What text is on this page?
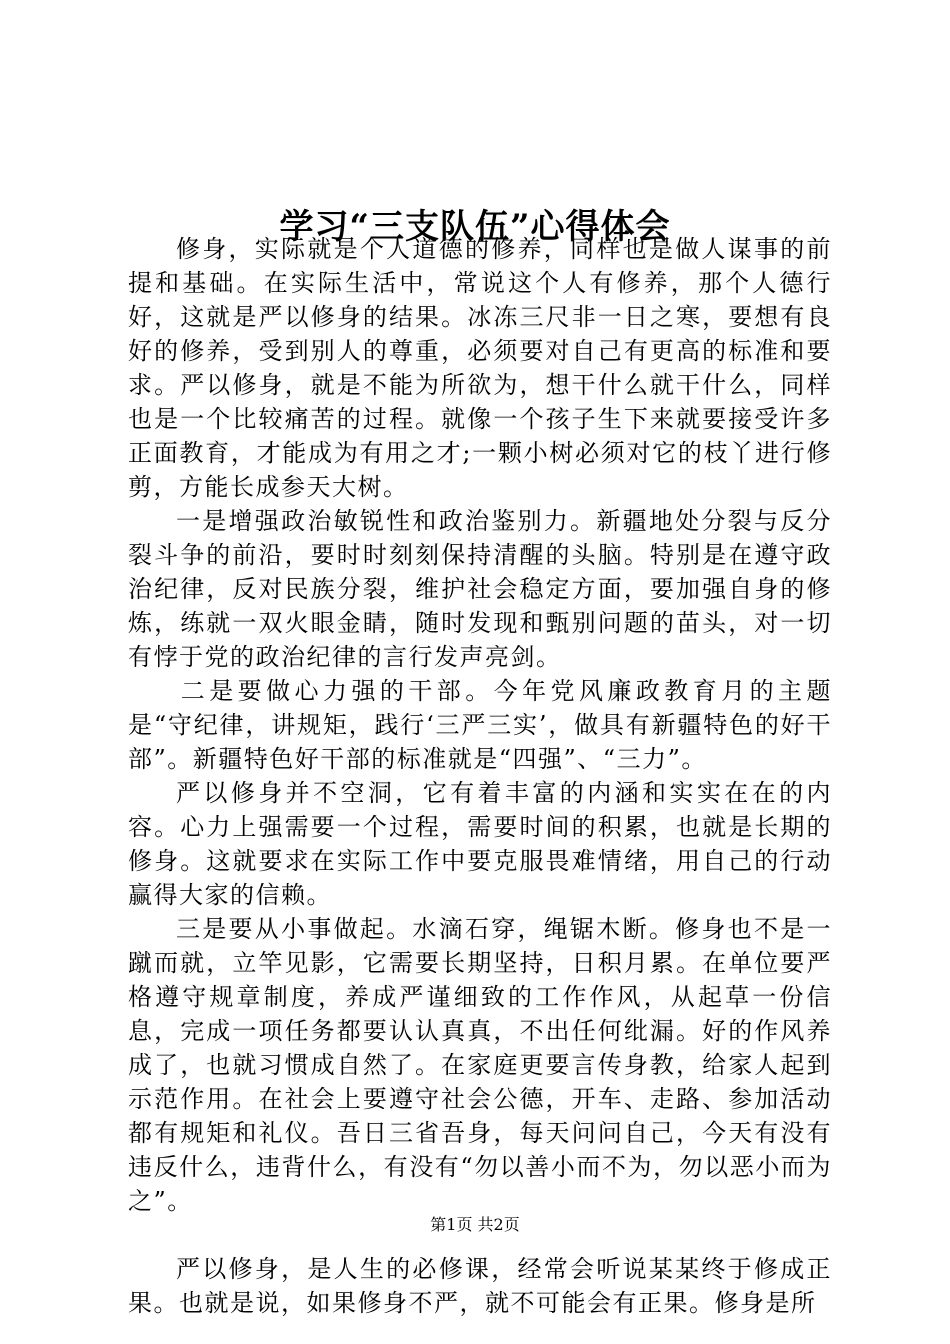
学习“三支队伍”心得体会

修身，实际就是个人道德的修养，同样也是做人谋事的前提和基础。在实际生活中，常说这个人有修养，那个人德行好，这就是严以修身的结果。冰冻三尺非一日之寒，要想有良好的修养，受到别人的尊重，必须要对自己有更高的标准和要求。严以修身，就是不能为所欲为，想干什么就干什么，同样也是一个比较痛苦的过程。就像一个孩子生下来就要接受许多正面教育，才能成为有用之才;一颗小树必须对它的枝丫进行修剪，方能长成参天大树。

一是增强政治敏锐性和政治鉴别力。新疆地处分裂与反分裂斗争的前沿，要时时刻刻保持清醒的头脑。特别是在遵守政治纪律，反对民族分裂，维护社会稳定方面，要加强自身的修炼，练就一双火眼金睛，随时发现和甄别问题的苗头，对一切有悖于党的政治纪律的言行发声亮剑。

二是要做心力强的干部。今年党风廉政教育月的主题是“守纪律，讲规矩，践行‘三严三实’，做具有新疆特色的好干部”。新疆特色好干部的标准就是“四强”、“三力”。

严以修身并不空洞，它有着丰富的内涵和实实在在的内容。心力上强需要一个过程，需要时间的积累，也就是长期的修身。这就要求在实际工作中要克服畏难情绪，用自己的行动赢得大家的信赖。

三是要从小事做起。水滴石穿，绳锯木断。修身也不是一蹴而就，立竿见影，它需要长期坚持，日积月累。在单位要严格遵守规章制度，养成严谨细致的工作作风，从起草一份信息，完成一项任务都要认认真真，不出任何纰漏。好的作风养成了，也就习惯成自然了。在家庭更要言传身教，给家人起到示范作用。在社会上要遵守社会公德，开车、走路、参加活动都有规矩和礼仪。吾日三省吾身，每天问问自己，今天有没有违反什么，违背什么，有没有“勿以善小而不为，勿以恶小而为之”。

严以修身，是人生的必修课，经常会听说某某终于修成正果。也就是说，如果修身不严，就不可能会有正果。修身是所

第1页 共2页
